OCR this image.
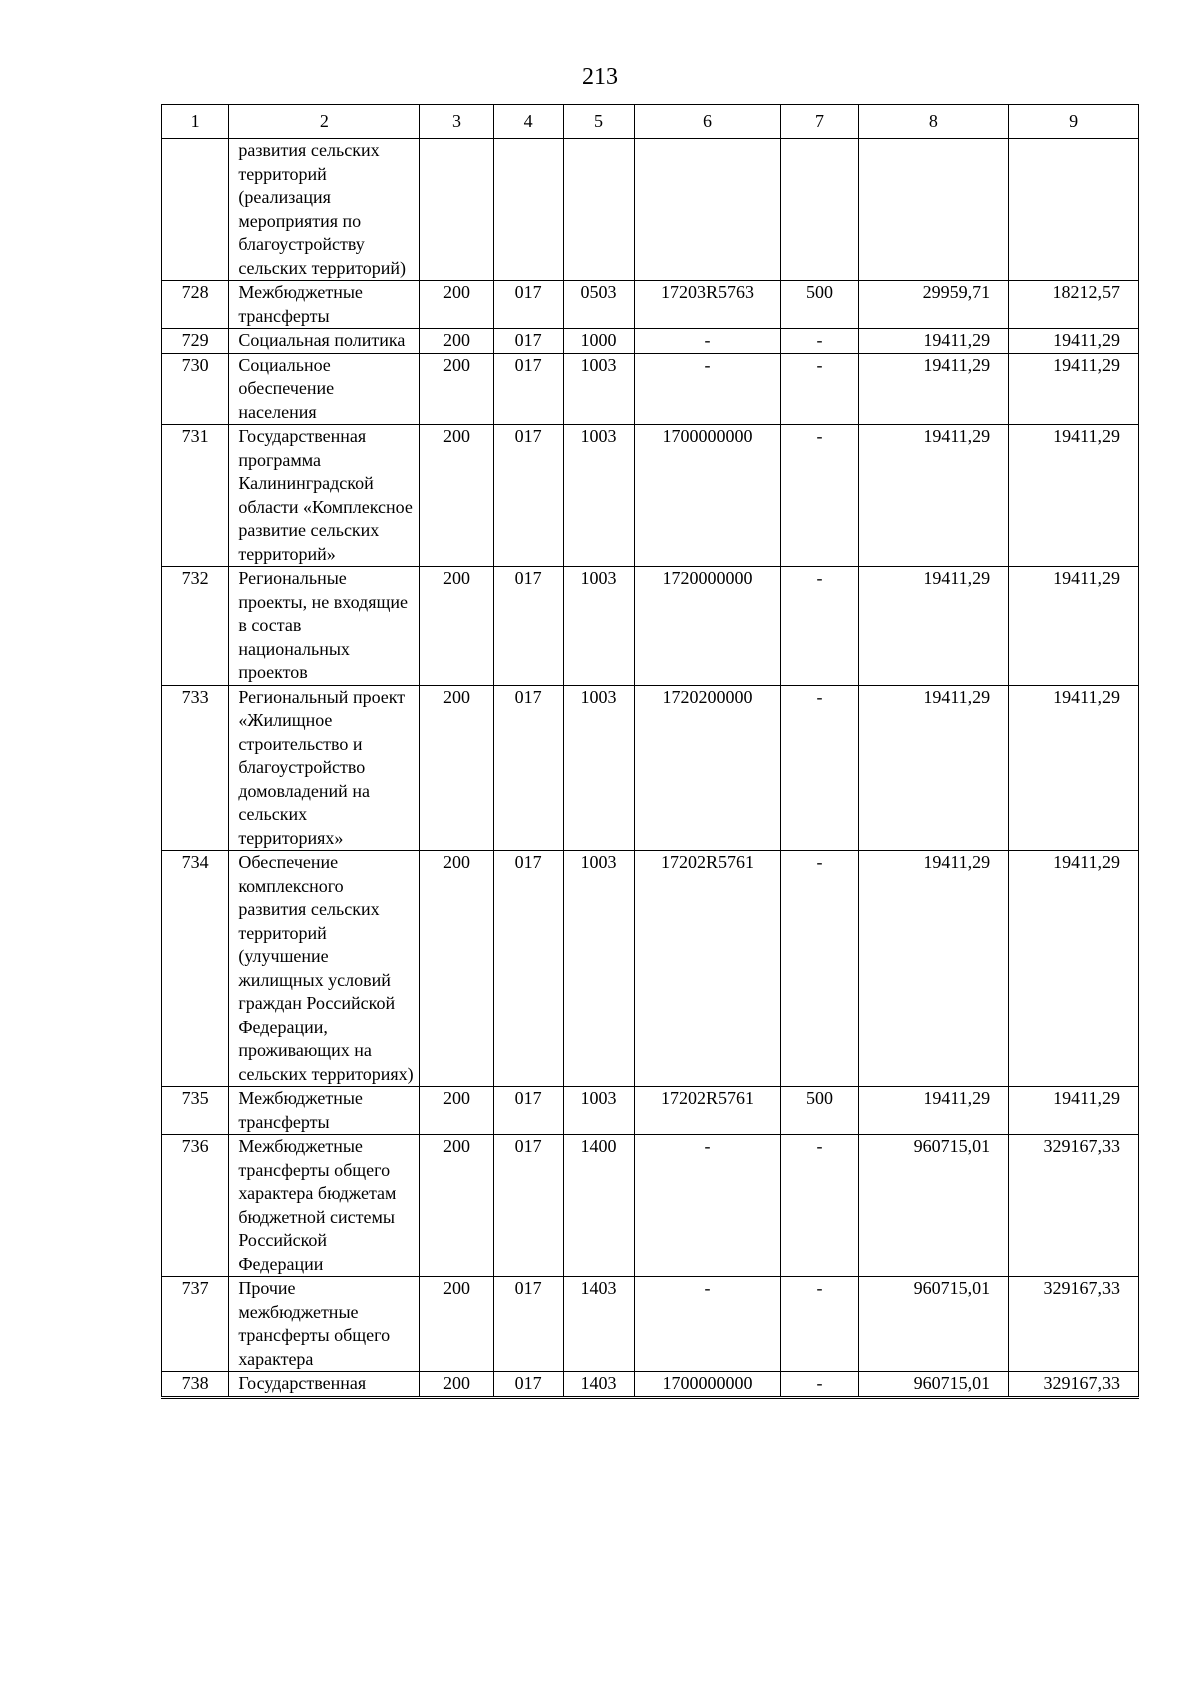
213
1	2	3	4	5	6	7	8	9
	развития сельских территорий (реализация мероприятия по благоустройству сельских территорий)							
728	Межбюджетные трансферты	200	017	0503	17203R5763	500	29959,71	18212,57
729	Социальная политика	200	017	1000	-	-	19411,29	19411,29
730	Социальное обеспечение населения	200	017	1003	-	-	19411,29	19411,29
731	Государственная программа Калининградской области «Комплексное развитие сельских территорий»	200	017	1003	1700000000	-	19411,29	19411,29
732	Региональные проекты, не входящие в состав национальных проектов	200	017	1003	1720000000	-	19411,29	19411,29
733	Региональный проект «Жилищное строительство и благоустройство домовладений на сельских территориях»	200	017	1003	1720200000	-	19411,29	19411,29
734	Обеспечение комплексного развития сельских территорий (улучшение жилищных условий граждан Российской Федерации, проживающих на сельских территориях)	200	017	1003	17202R5761	-	19411,29	19411,29
735	Межбюджетные трансферты	200	017	1003	17202R5761	500	19411,29	19411,29
736	Межбюджетные трансферты общего характера бюджетам бюджетной системы Российской Федерации	200	017	1400	-	-	960715,01	329167,33
737	Прочие межбюджетные трансферты общего характера	200	017	1403	-	-	960715,01	329167,33
738	Государственная	200	017	1403	1700000000	-	960715,01	329167,33
